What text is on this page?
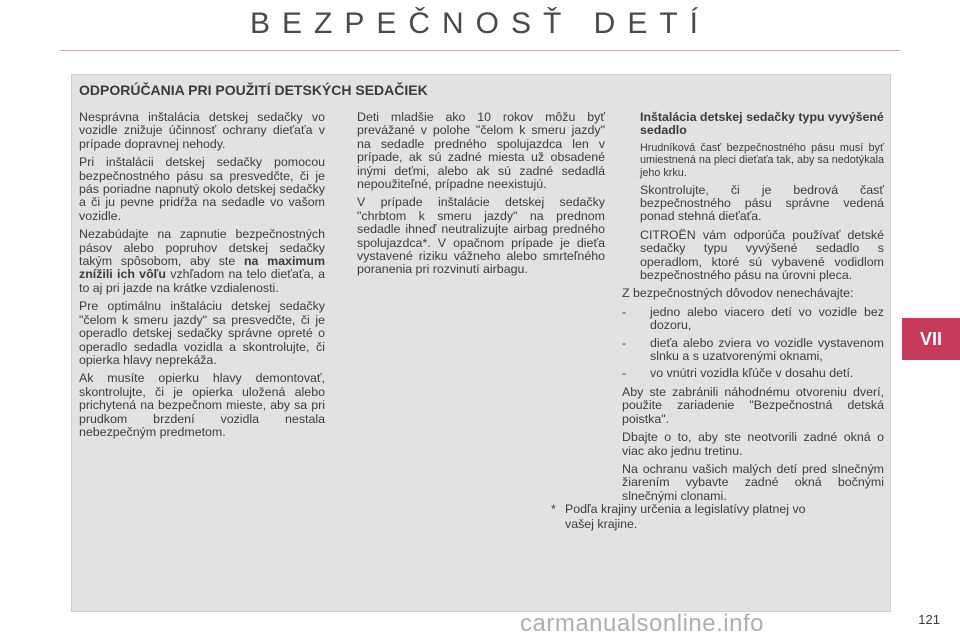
BEZPEČNOSŤ DETÍ
VII
ODPORÚČANIA PRI POUŽITÍ DETSKÝCH SEDAČIEK

Nesprávna inštalácia detskej sedačky vo vozidle znižuje účinnosť ochrany dieťaťa v prípade dopravnej nehody.

Pri inštalácii detskej sedačky pomocou bezpečnostného pásu sa presvedčte, či je pás poriadne napnutý okolo detskej sedačky a či ju pevne pridŕža na sedadle vo vašom vozidle.

Nezabúdajte na zapnutie bezpečnostných pásov alebo popruhov detskej sedačky takým spôsobom, aby ste na maximum znížili ich vôľu vzhľadom na telo dieťaťa, a to aj pri jazde na krátke vzdialenosti.

Pre optimálnu inštaláciu detskej sedačky "čelom k smeru jazdy" sa presvedčte, či je operadlo detskej sedačky správne opreté o operadlo sedadla vozidla a skontrolujte, či opierka hlavy neprekáža.

Ak musíte opierku hlavy demontovať, skontrolujte, či je opierka uložená alebo prichytená na bezpečnom mieste, aby sa pri prudkom brzdení vozidla nestala nebezpečným predmetom.

Deti mladšie ako 10 rokov môžu byť prevážané v polohe "čelom k smeru jazdy" na sedadle predného spolujazdca len v prípade, ak sú zadné miesta už obsadené inými deťmi, alebo ak sú zadné sedadlá nepoužiteľné, prípadne neexistujú.

V prípade inštalácie detskej sedačky "chrbtom k smeru jazdy" na prednom sedadle ihneď neutralizujte airbag predného spolujazdca*. V opačnom prípade je dieťa vystavené riziku vážneho alebo smrteľného poranenia pri rozvinutí airbagu.

Inštalácia detskej sedačky typu vyvýšené sedadlo

Hrudníková časť bezpečnostného pásu musí byť umiestnená na pleci dieťaťa tak, aby sa nedotýkala jeho krku.

Skontrolujte, či je bedrová časť bezpečnostného pásu správne vedená ponad stehná dieťaťa.

CITROËN vám odporúča používať detské sedačky typu vyvýšené sedadlo s operadlom, ktoré sú vybavené vodidlom bezpečnostného pásu na úrovni pleca.

Z bezpečnostných dôvodov nenechávajte:

- jedno alebo viacero detí vo vozidle bez dozoru,
- dieťa alebo zviera vo vozidle vystavenom slnku a s uzatvorenými oknami,
- vo vnútri vozidla kľúče v dosahu detí.

Aby ste zabránili náhodnému otvoreniu dverí, použite zariadenie "Bezpečnostná detská poistka".

Dbajte o to, aby ste neotvorili zadné okná o viac ako jednu tretinu.

Na ochranu vašich malých detí pred slnečným žiarením vybavte zadné okná bočnými slnečnými clonami.

* Podľa krajiny určenia a legislatívy platnej vo vašej krajine.
carmanualsonline.info	121
